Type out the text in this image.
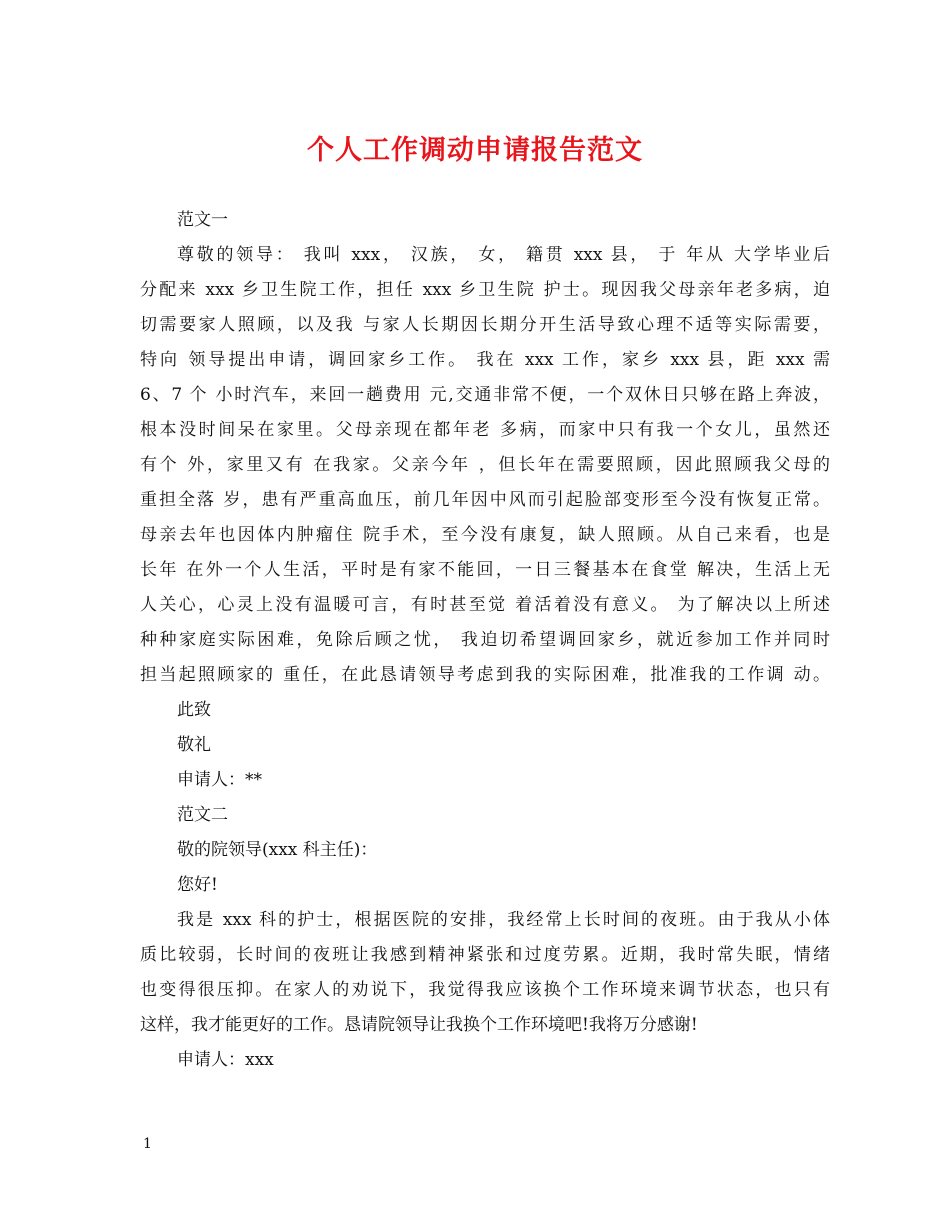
个人工作调动申请报告范文
范文一
尊敬的领导： 我叫 xxx， 汉族， 女， 籍贯 xxx 县， 于 年从 大学毕业后
分配来 xxx 乡卫生院工作，担任 xxx 乡卫生院 护士。现因我父母亲年老多病，迫
切需要家人照顾，以及我 与家人长期因长期分开生活导致心理不适等实际需要，
特向 领导提出申请，调回家乡工作。 我在 xxx 工作，家乡 xxx 县，距 xxx 需
6、7 个 小时汽车，来回一趟费用 元,交通非常不便，一个双休日只够在路上奔波，
根本没时间呆在家里。父母亲现在都年老 多病，而家中只有我一个女儿，虽然还
有个 外，家里又有 在我家。父亲今年 ，但长年在需要照顾，因此照顾我父母的
重担全落 岁，患有严重高血压，前几年因中风而引起脸部变形至今没有恢复正常。
母亲去年也因体内肿瘤住 院手术，至今没有康复，缺人照顾。从自己来看，也是
长年 在外一个人生活，平时是有家不能回，一日三餐基本在食堂 解决，生活上无
人关心，心灵上没有温暖可言，有时甚至觉 着活着没有意义。 为了解决以上所述
种种家庭实际困难，免除后顾之忧， 我迫切希望调回家乡，就近参加工作并同时
担当起照顾家的 重任，在此恳请领导考虑到我的实际困难，批准我的工作调 动。
此致
敬礼
申请人：**
范文二
敬的院领导(xxx 科主任)：
您好!
我是 xxx 科的护士，根据医院的安排，我经常上长时间的夜班。由于我从小体
质比较弱，长时间的夜班让我感到精神紧张和过度劳累。近期，我时常失眠，情绪
也变得很压抑。在家人的劝说下，我觉得我应该换个工作环境来调节状态，也只有
这样，我才能更好的工作。恳请院领导让我换个工作环境吧!我将万分感谢!
申请人：xxx
1
